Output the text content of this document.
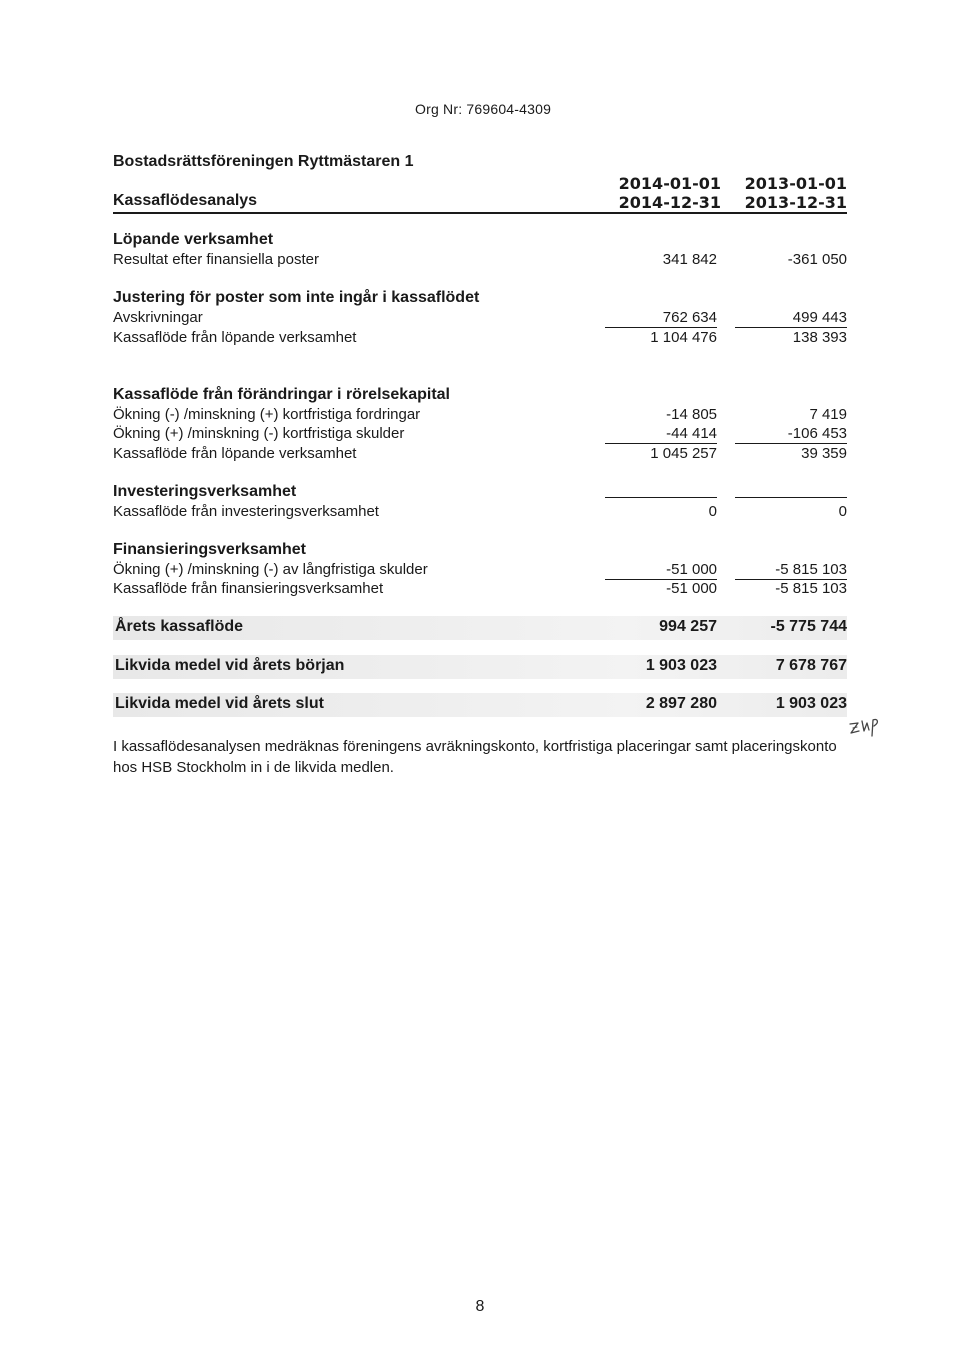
Org Nr: 769604-4309
Bostadsrättsföreningen Ryttmästaren 1
Kassaflödesanalys
2014-01-01
2014-12-31
2013-01-01
2013-12-31
Löpande verksamhet
Resultat efter finansiella poster	341 842	-361 050
Justering för poster som inte ingår i kassaflödet
Avskrivningar	762 634	499 443
Kassaflöde från löpande verksamhet	1 104 476	138 393
Kassaflöde från förändringar i rörelsekapital
Ökning (-) /minskning (+) kortfristiga fordringar	-14 805	7 419
Ökning (+) /minskning (-) kortfristiga skulder	-44 414	-106 453
Kassaflöde från löpande verksamhet	1 045 257	39 359
Investeringsverksamhet
Kassaflöde från investeringsverksamhet	0	0
Finansieringsverksamhet
Ökning (+) /minskning (-) av långfristiga skulder	-51 000	-5 815 103
Kassaflöde från finansieringsverksamhet	-51 000	-5 815 103
Årets kassaflöde	994 257	-5 775 744
Likvida medel vid årets början	1 903 023	7 678 767
Likvida medel vid årets slut	2 897 280	1 903 023
I kassaflödesanalysen medräknas föreningens avräkningskonto, kortfristiga placeringar samt placeringskonto hos HSB Stockholm in i de likvida medlen.
8
